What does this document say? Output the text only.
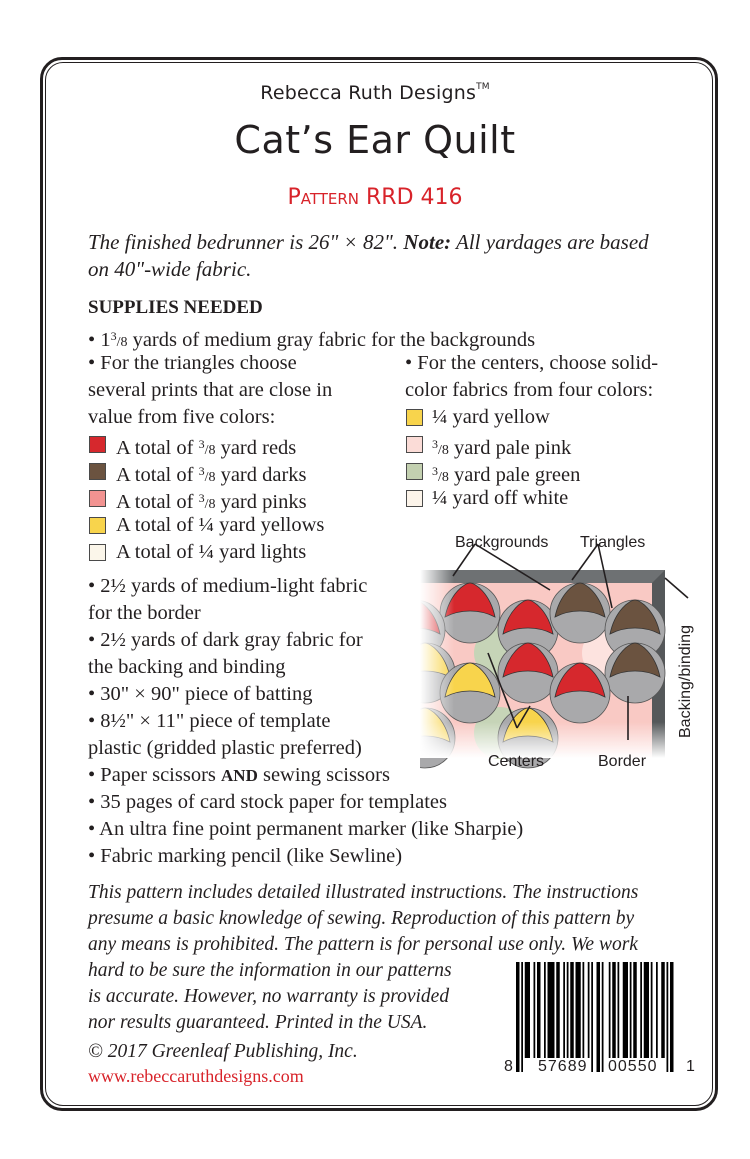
Rebecca Ruth Designs™
Cat’s Ear Quilt
Pattern RRD 416
The finished bedrunner is 26" × 82". Note: All yardages are based
on 40"-wide fabric.
SUPPLIES NEEDED
• $1^3/8$ yards of medium gray fabric for the backgrounds
• For the triangles choose
several prints that are close in
value from five colors:
A total of $^3$/8 yard reds
A total of $^3$/8 yard darks
A total of $^3$/8 yard pinks
A total of ¼ yard yellows
A total of ¼ yard lights
• For the centers, choose solid-
color fabrics from four colors:
¼ yard yellow
$^3$/8 yard pale pink
$^3$/8 yard pale green
¼ yard off white
• 2½ yards of medium-light fabric
for the border
• 2½ yards of dark gray fabric for
the backing and binding
• 30" × 90" piece of batting
• 8½" × 11" piece of template
plastic (gridded plastic preferred)
• Paper scissors AND sewing scissors
• 35 pages of card stock paper for templates
• An ultra fine point permanent marker (like Sharpie)
• Fabric marking pencil (like Sewline)
Backgrounds Triangles
Backing/binding
Centers	Border
This pattern includes detailed illustrated instructions. The instructions
presume a basic knowledge of sewing. Reproduction of this pattern by
any means is prohibited. The pattern is for personal use only. We work
hard to be sure the information in our patterns
is accurate. However, no warranty is provided
nor results guaranteed. Printed in the USA.
© 2017 Greenleaf Publishing, Inc.
www.rebeccaruthdesigns.com	8 57689 00550 1
